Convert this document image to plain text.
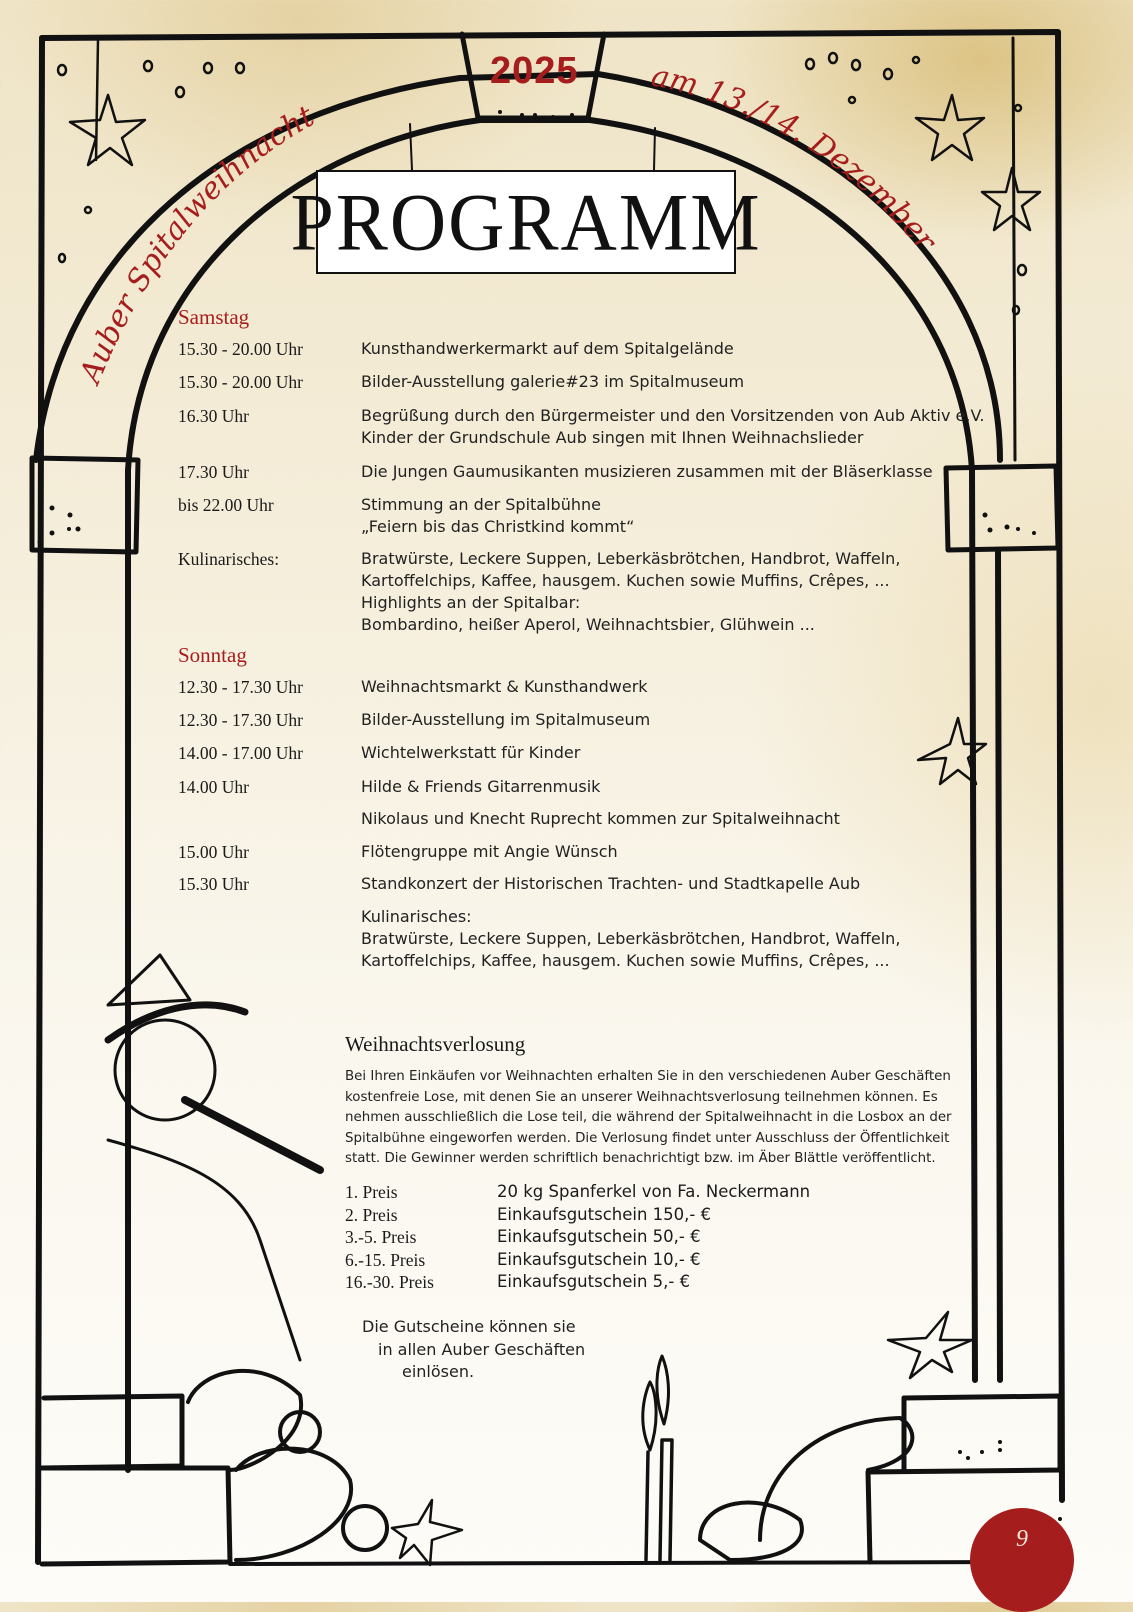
Auber Spitalweihnacht
am 13./14. Dezember
2025
PROGRAMM
Samstag
15.30 - 20.00 Uhr	Kunsthandwerkermarkt auf dem Spitalgelände
15.30 - 20.00 Uhr	Bilder-Ausstellung galerie#23 im Spitalmuseum
16.30 Uhr	Begrüßung durch den Bürgermeister und den Vorsitzenden von Aub Aktiv e.V.
Kinder der Grundschule Aub singen mit Ihnen Weihnachslieder
17.30 Uhr	Die Jungen Gaumusikanten musizieren zusammen mit der Bläserklasse
bis 22.00 Uhr	Stimmung an der Spitalbühne
„Feiern bis das Christkind kommt“
Kulinarisches:	Bratwürste, Leckere Suppen, Leberkäsbrötchen, Handbrot, Waffeln,
Kartoffelchips, Kaffee, hausgem. Kuchen sowie Muffins, Crêpes, ...
Highlights an der Spitalbar:
Bombardino, heißer Aperol, Weihnachtsbier, Glühwein ...
Sonntag
12.30 - 17.30 Uhr	Weihnachtsmarkt & Kunsthandwerk
12.30 - 17.30 Uhr	Bilder-Ausstellung im Spitalmuseum
14.00 - 17.00 Uhr	Wichtelwerkstatt für Kinder
14.00 Uhr	Hilde & Friends Gitarrenmusik
Nikolaus und Knecht Ruprecht kommen zur Spitalweihnacht
15.00 Uhr	Flötengruppe mit Angie Wünsch
15.30 Uhr	Standkonzert der Historischen Trachten- und Stadtkapelle Aub
Kulinarisches:
Bratwürste, Leckere Suppen, Leberkäsbrötchen, Handbrot, Waffeln,
Kartoffelchips, Kaffee, hausgem. Kuchen sowie Muffins, Crêpes, ...
Weihnachtsverlosung
Bei Ihren Einkäufen vor Weihnachten erhalten Sie in den verschiedenen Auber Geschäften
kostenfreie Lose, mit denen Sie an unserer Weihnachtsverlosung teilnehmen können. Es
nehmen ausschließlich die Lose teil, die während der Spitalweihnacht in die Losbox an der
Spitalbühne eingeworfen werden. Die Verlosung findet unter Ausschluss der Öffentlichkeit
statt. Die Gewinner werden schriftlich benachrichtigt bzw. im Äber Blättle veröffentlicht.
1. Preis	20 kg Spanferkel von Fa. Neckermann
2. Preis	Einkaufsgutschein 150,- €
3.-5. Preis	Einkaufsgutschein 50,- €
6.-15. Preis	Einkaufsgutschein 10,- €
16.-30. Preis	Einkaufsgutschein 5,- €
Die Gutscheine können sie
in allen Auber Geschäften
einlösen.
9
